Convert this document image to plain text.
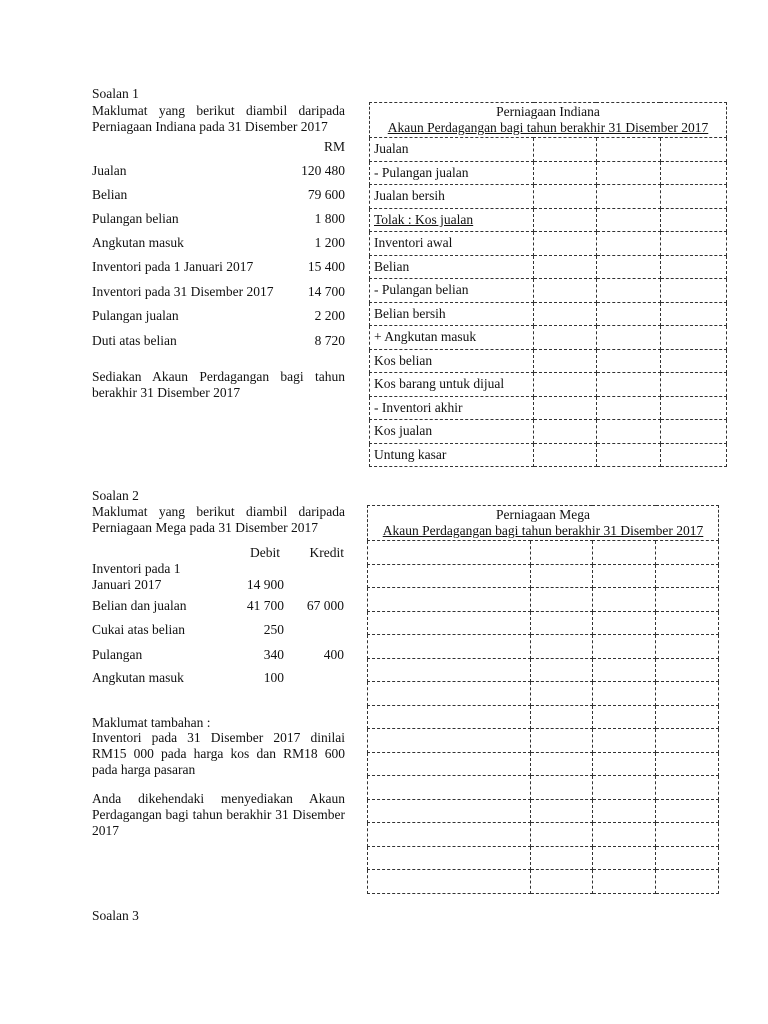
Soalan 1
Maklumat yang berikut diambil daripada Perniagaan Indiana pada 31 Disember 2017
RM
Jualan	120 480
Belian	79 600
Pulangan belian	1 800
Angkutan masuk	1 200
Inventori pada 1 Januari 2017	15 400
Inventori pada 31 Disember 2017	14 700
Pulangan jualan	2 200
Duti atas belian	8 720
Sediakan Akaun Perdagangan bagi tahun berakhir 31 Disember 2017
Perniagaan Indiana
Akaun Perdagangan bagi tahun berakhir 31 Disember 2017			

Jualan			
- Pulangan jualan			
Jualan bersih			
Tolak : Kos jualan			
Inventori awal			
Belian			
- Pulangan belian			
Belian bersih			
+ Angkutan masuk			
Kos belian			
Kos barang untuk dijual			
- Inventori akhir			
Kos jualan			
Untung kasar			
Soalan 2
Maklumat yang berikut diambil daripada Perniagaan Mega pada 31 Disember 2017
Debit Kredit
Inventori pada 1
Januari 2017	14 900
Belian dan jualan	41 700 67 000
Cukai atas belian	250
Pulangan	340	400
Angkutan masuk	100
Maklumat tambahan :
Inventori pada 31 Disember 2017 dinilai RM15 000 pada harga kos dan RM18 600 pada harga pasaran
Anda dikehendaki menyediakan Akaun Perdagangan bagi tahun berakhir 31 Disember 2017
Perniagaan Mega
Akaun Perdagangan bagi tahun berakhir 31 Disember 2017			

Soalan 3
